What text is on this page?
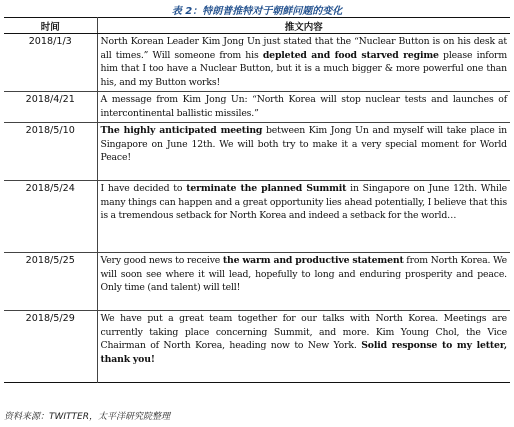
表 2：特朗普推特对于朝鲜问题的变化
时间	推文内容
2018/1/3	North Korean Leader Kim Jong Un just stated that the “Nuclear Button is on his desk at all times.” Will someone from his depleted and food starved regime please inform him that I too have a Nuclear Button, but it is a much bigger & more powerful one than his, and my Button works!
2018/4/21	A message from Kim Jong Un: “North Korea will stop nuclear tests and launches of intercontinental ballistic missiles.”
2018/5/10	The highly anticipated meeting between Kim Jong Un and myself will take place in Singapore on June 12th. We will both try to make it a very special moment for World Peace!
2018/5/24	I have decided to terminate the planned Summit in Singapore on June 12th. While many things can happen and a great opportunity lies ahead potentially, I believe that this is a tremendous setback for North Korea and indeed a setback for the world…
2018/5/25	Very good news to receive the warm and productive statement from North Korea. We will soon see where it will lead, hopefully to long and enduring prosperity and peace. Only time (and talent) will tell!
2018/5/29	We have put a great team together for our talks with North Korea. Meetings are currently taking place concerning Summit, and more. Kim Young Chol, the Vice Chairman of North Korea, heading now to New York. Solid response to my letter, thank you!
资料来源：TWITTER，太平洋研究院整理
